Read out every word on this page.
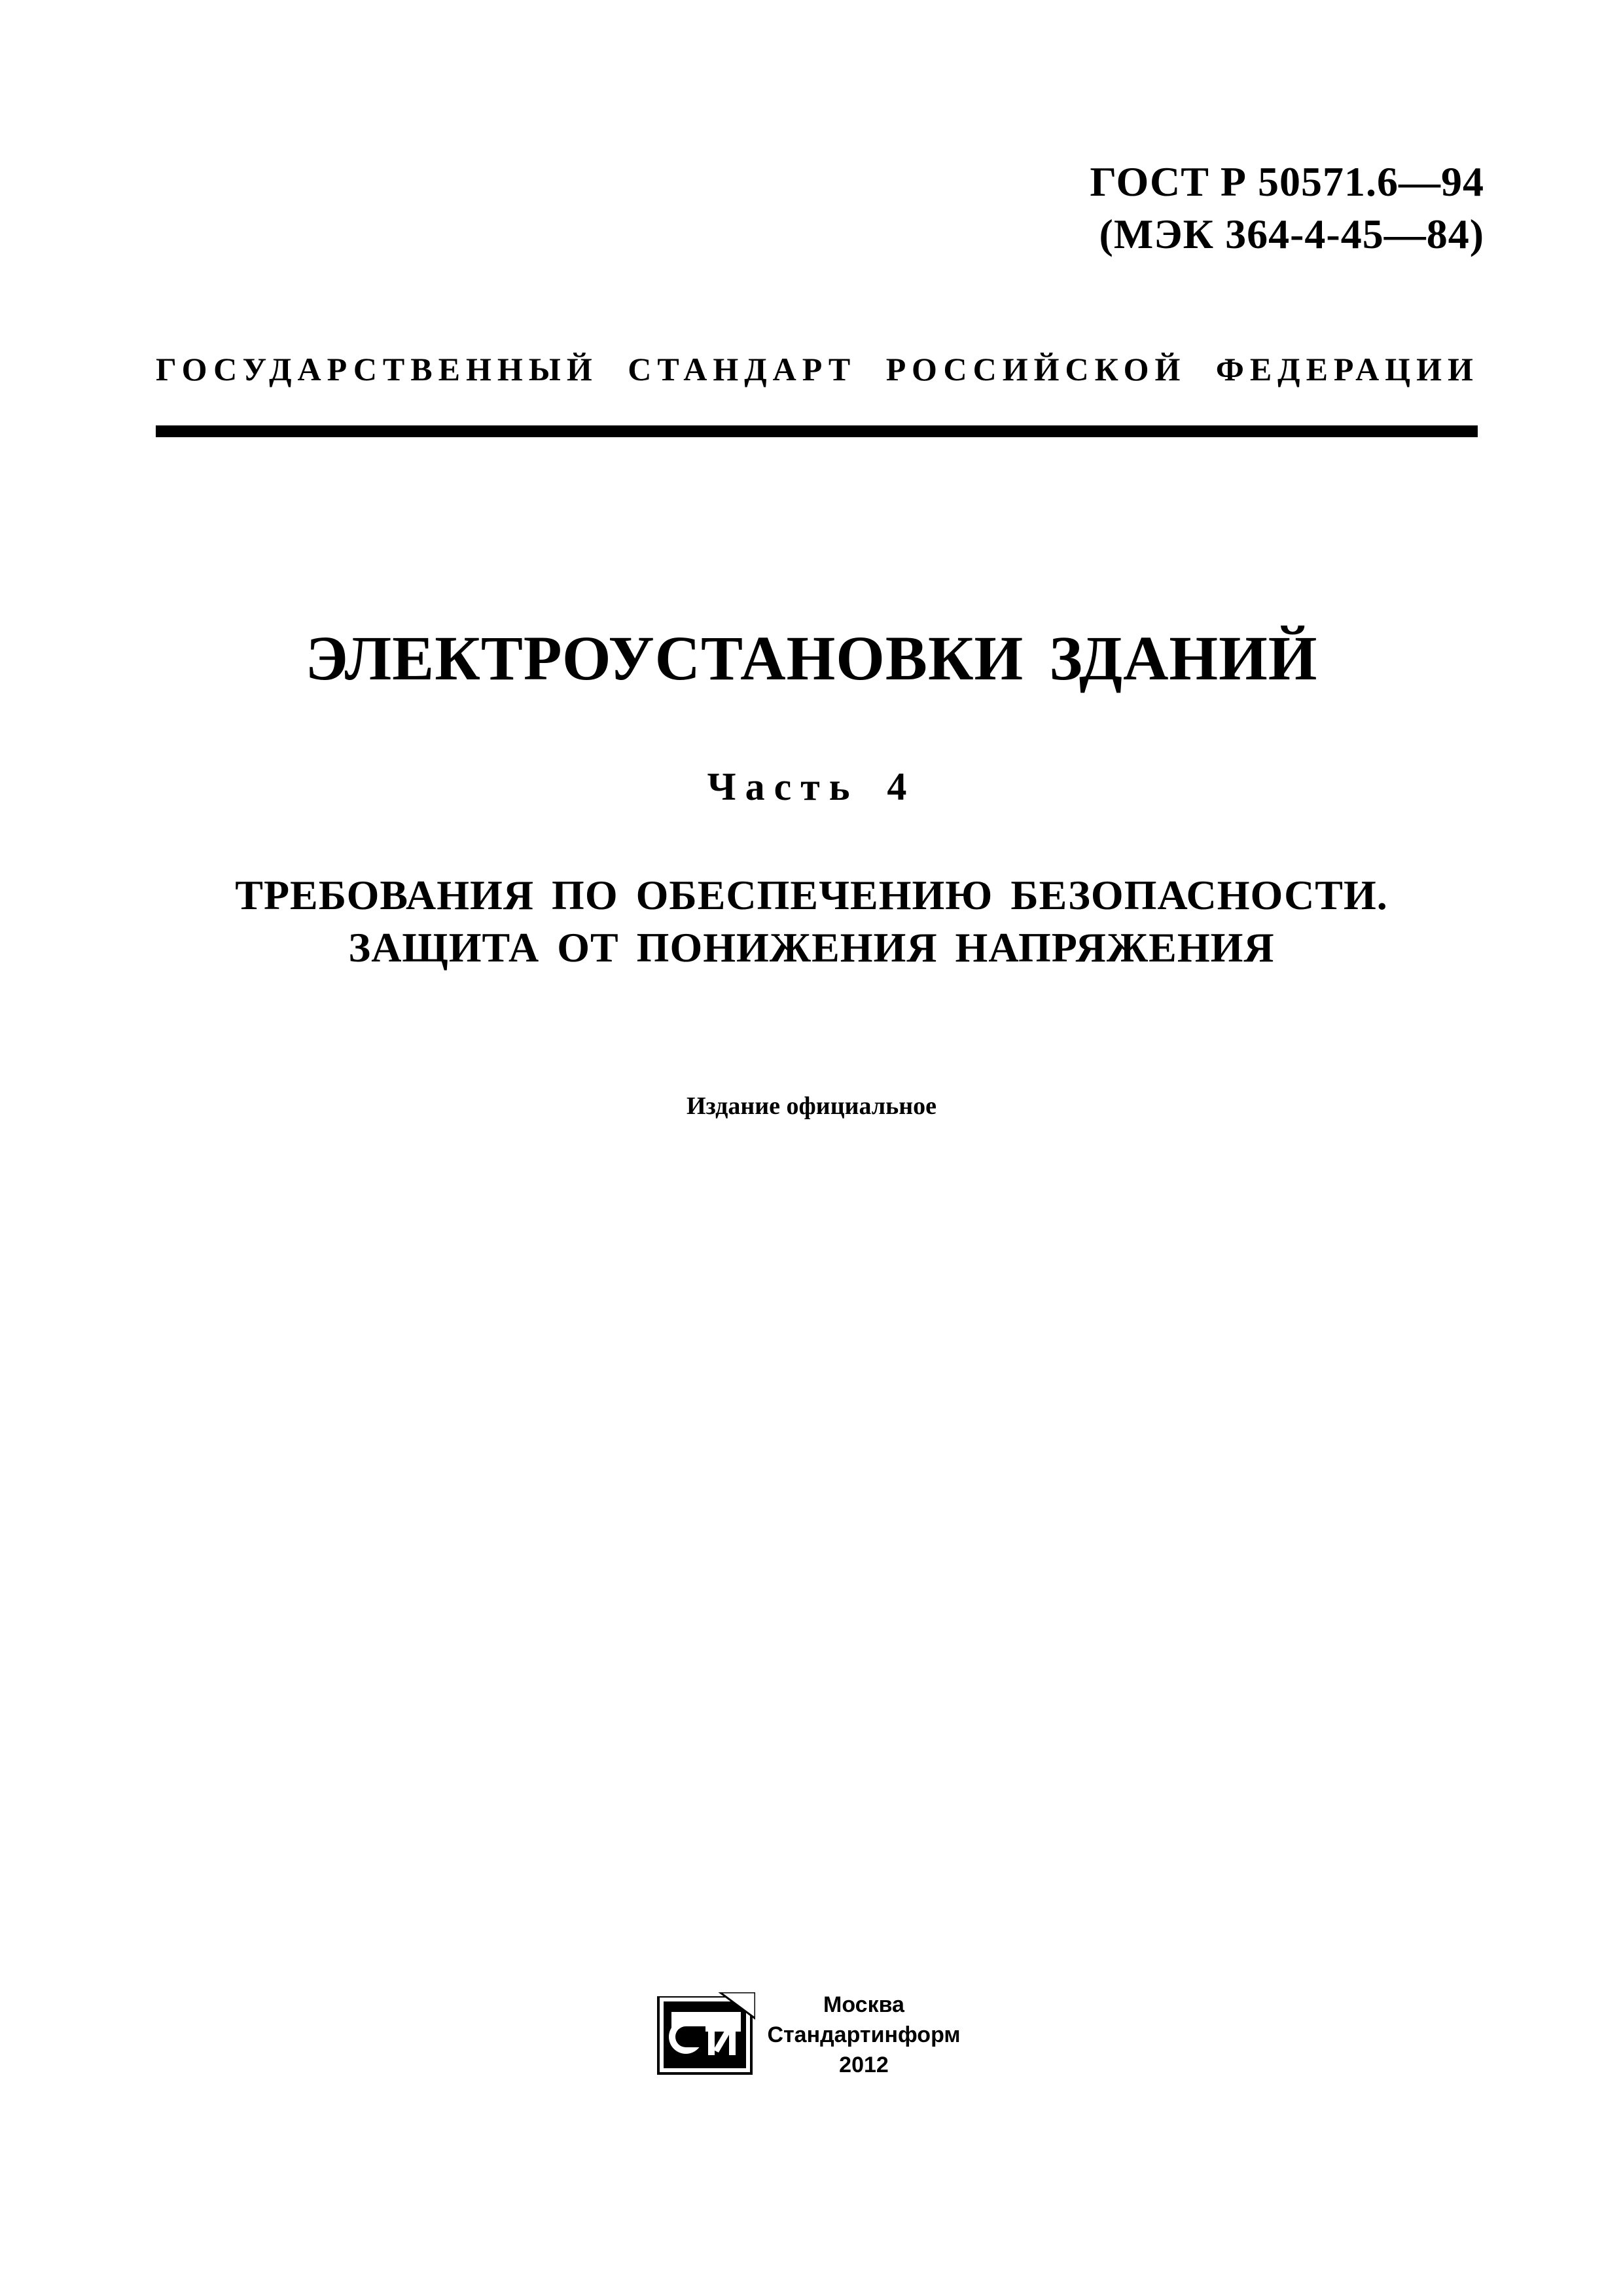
ГОСТ Р 50571.6—94
(МЭК 364-4-45—84)
ГОСУДАРСТВЕННЫЙ СТАНДАРТ РОССИЙСКОЙ ФЕДЕРАЦИИ
ЭЛЕКТРОУСТАНОВКИ ЗДАНИЙ
Часть 4
ТРЕБОВАНИЯ ПО ОБЕСПЕЧЕНИЮ БЕЗОПАСНОСТИ.
ЗАЩИТА ОТ ПОНИЖЕНИЯ НАПРЯЖЕНИЯ
Издание официальное
Москва
Стандартинформ
2012
